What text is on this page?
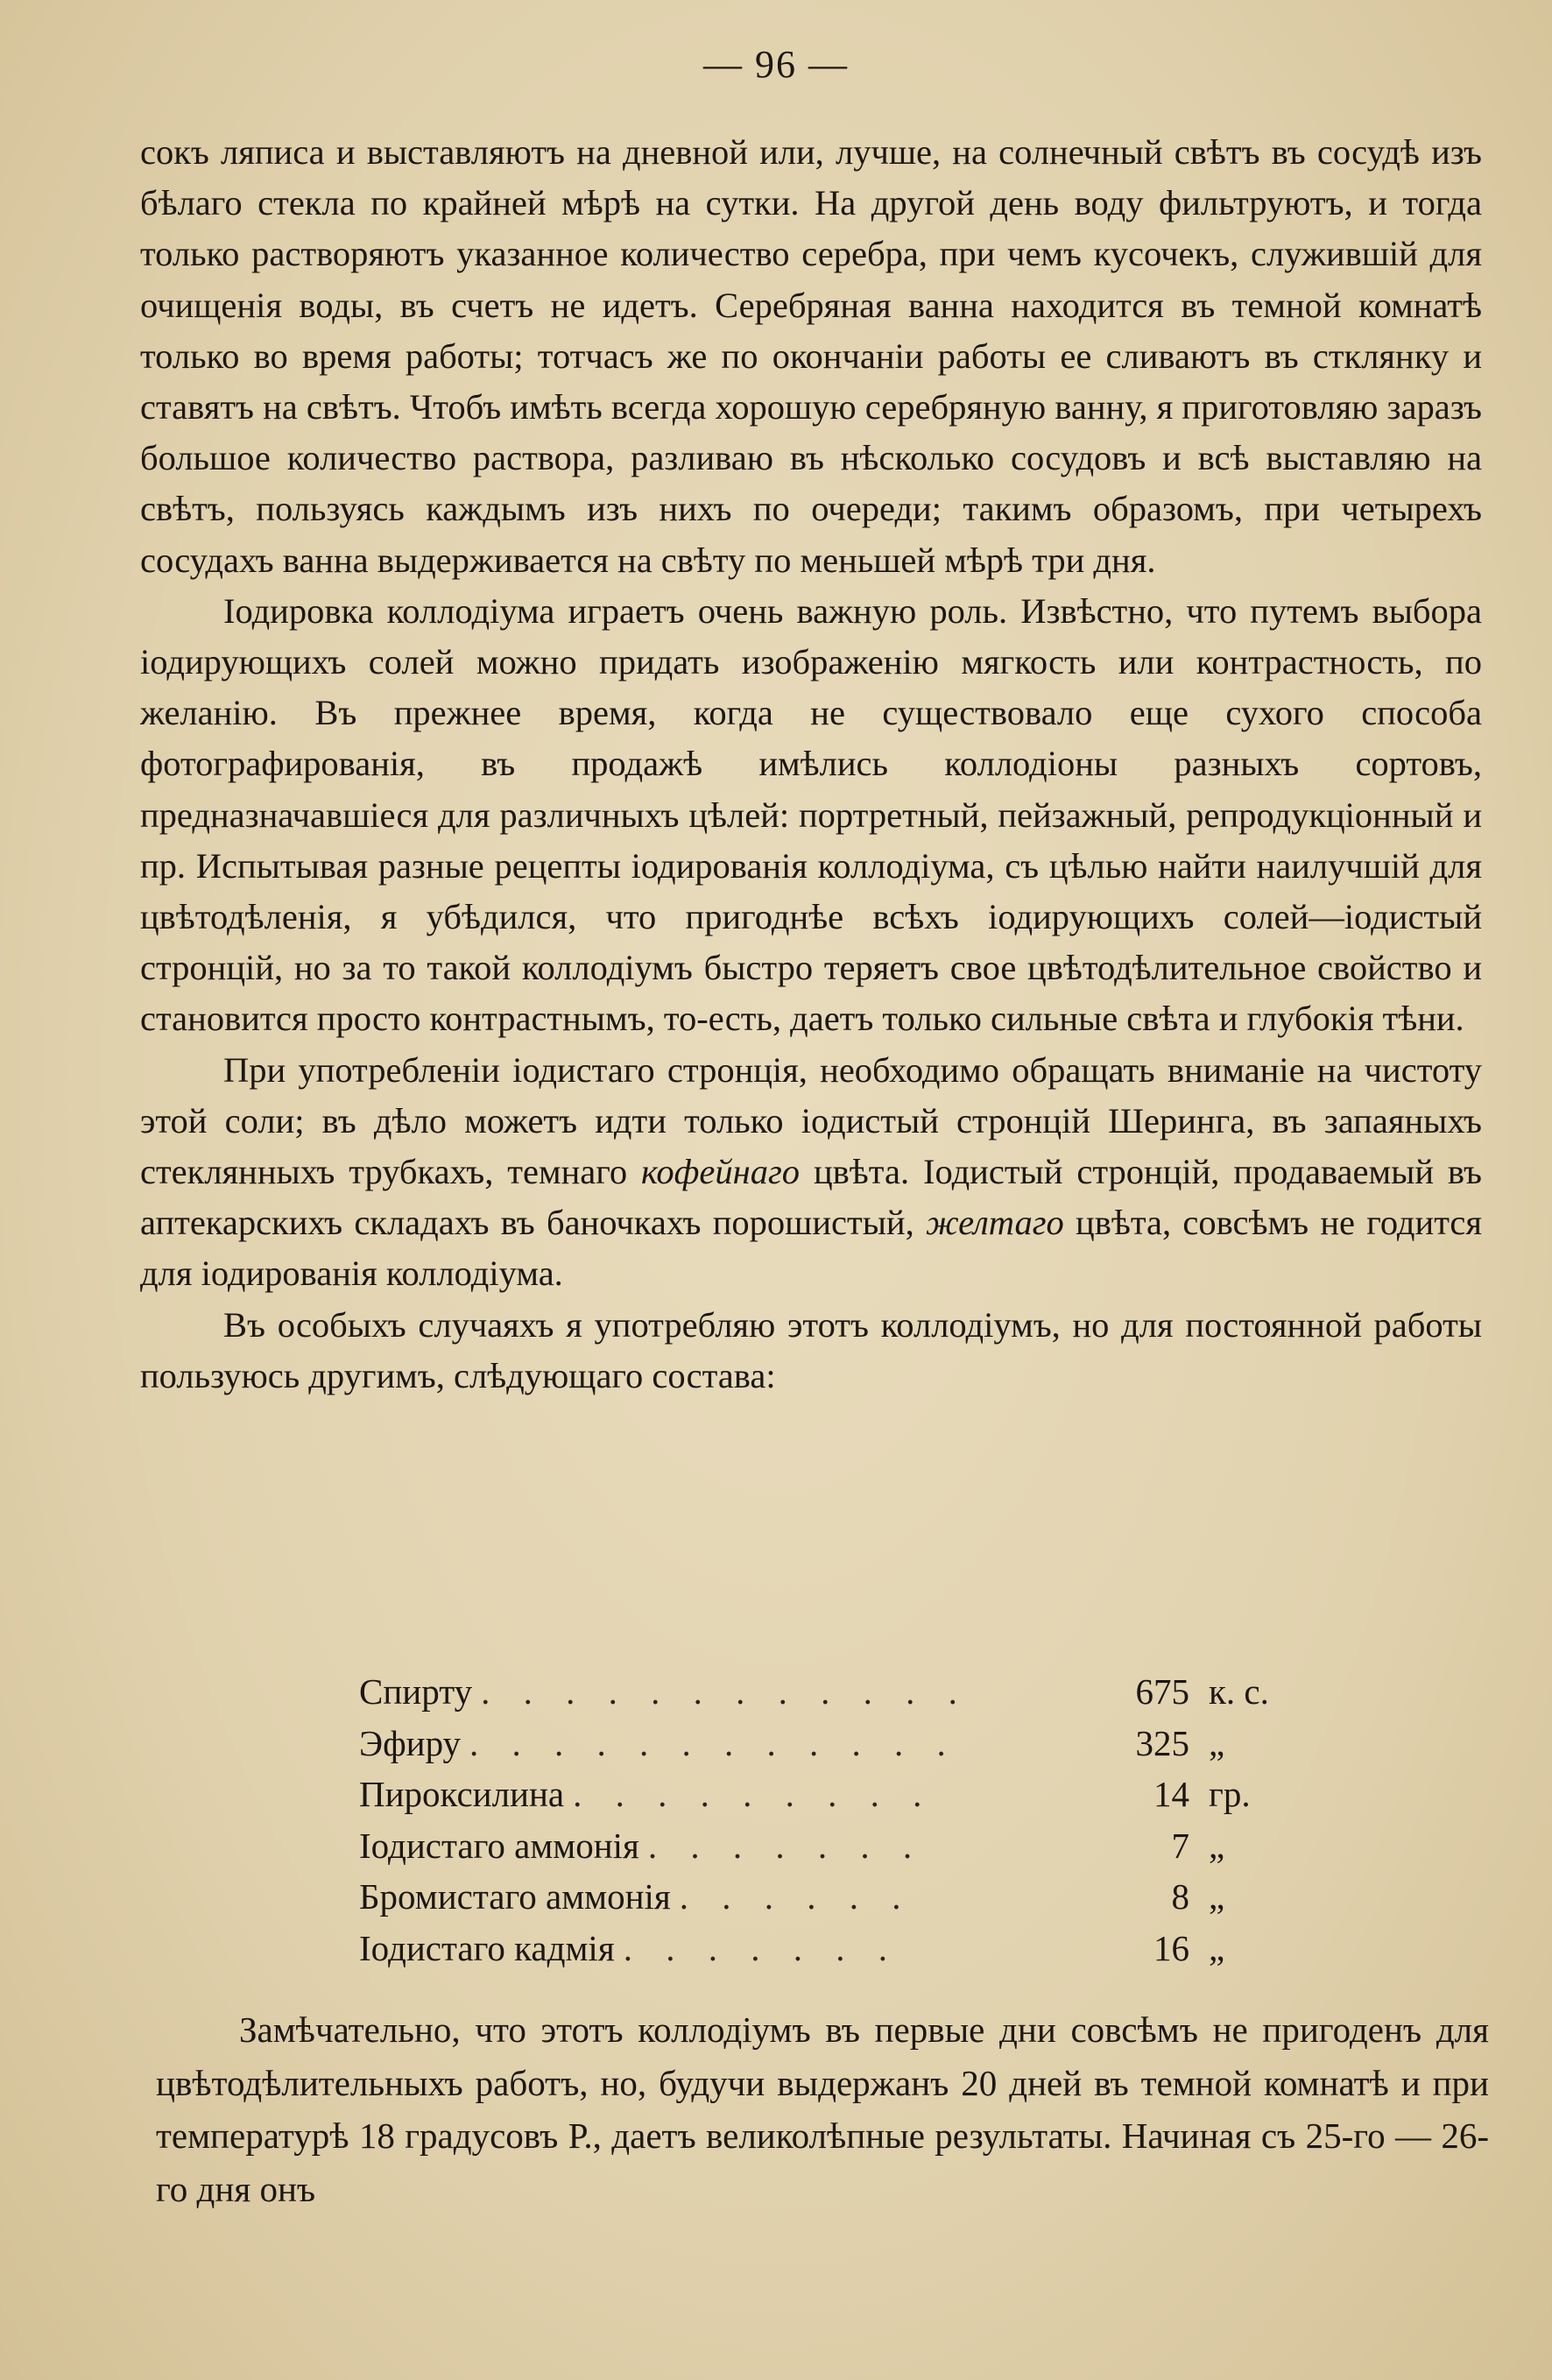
— 96 —

сокъ ляписа и выставляютъ на дневной или, лучше, на солнечный свѣтъ въ сосудѣ изъ бѣлаго стекла по крайней мѣрѣ на сутки. На другой день воду фильтруютъ, и тогда только растворяютъ указанное количество серебра, при чемъ кусочекъ, служившій для очищенія воды, въ счетъ не идетъ. Серебряная ванна находится въ темной комнатѣ только во время работы; тотчасъ же по окончаніи работы ее сливаютъ въ стклянку и ставятъ на свѣтъ. Чтобъ имѣть всегда хорошую серебряную ванну, я приготовляю заразъ большое количество раствора, разливаю въ нѣсколько сосудовъ и всѣ выставляю на свѣтъ, пользуясь каждымъ изъ нихъ по очереди; такимъ образомъ, при четырехъ сосудахъ ванна выдерживается на свѣту по меньшей мѣрѣ три дня.

Іодировка коллодіума играетъ очень важную роль. Извѣстно, что путемъ выбора іодирующихъ солей можно придать изображенію мягкость или контрастность, по желанію. Въ прежнее время, когда не существовало еще сухого способа фотографированія, въ продажѣ имѣлись коллодіоны разныхъ сортовъ, предназначавшіеся для различныхъ цѣлей: портретный, пейзажный, репродукціонный и пр. Испытывая разные рецепты іодированія коллодіума, съ цѣлью найти наилучшій для цвѣтодѣленія, я убѣдился, что пригоднѣе всѣхъ іодирующихъ солей—іодистый стронцій, но за то такой коллодіумъ быстро теряетъ свое цвѣтодѣлительное свойство и становится просто контрастнымъ, то-есть, даетъ только сильные свѣта и глубокія тѣни.

При употребленіи іодистаго стронція, необходимо обращать вниманіе на чистоту этой соли; въ дѣло можетъ идти только іодистый стронцій Шеринга, въ запаяныхъ стеклянныхъ трубкахъ, темнаго кофейнаго цвѣта. Іодистый стронцій, продаваемый въ аптекарскихъ складахъ въ баночкахъ порошистый, желтаго цвѣта, совсѣмъ не годится для іодированія коллодіума.

Въ особыхъ случаяхъ я употребляю этотъ коллодіумъ, но для постоянной работы пользуюсь другимъ, слѣдующаго состава:

Спирту . . . . . . . . . . . .	675 к. с.
Эфиру . . . . . . . . . . . .	325 „
Пироксилина . . . . . . . . .	14 гр.
Іодистаго аммонія . . . . . . .	7 „
Бромистаго аммонія . . . . . .	8 „
Іодистаго кадмія . . . . . . .	16 „

Замѣчательно, что этотъ коллодіумъ въ первые дни совсѣмъ не пригоденъ для цвѣтодѣлительныхъ работъ, но, будучи выдержанъ 20 дней въ темной комнатѣ и при температурѣ 18 градусовъ Р., даетъ великолѣпные результаты. Начиная съ 25-го — 26-го дня онъ
